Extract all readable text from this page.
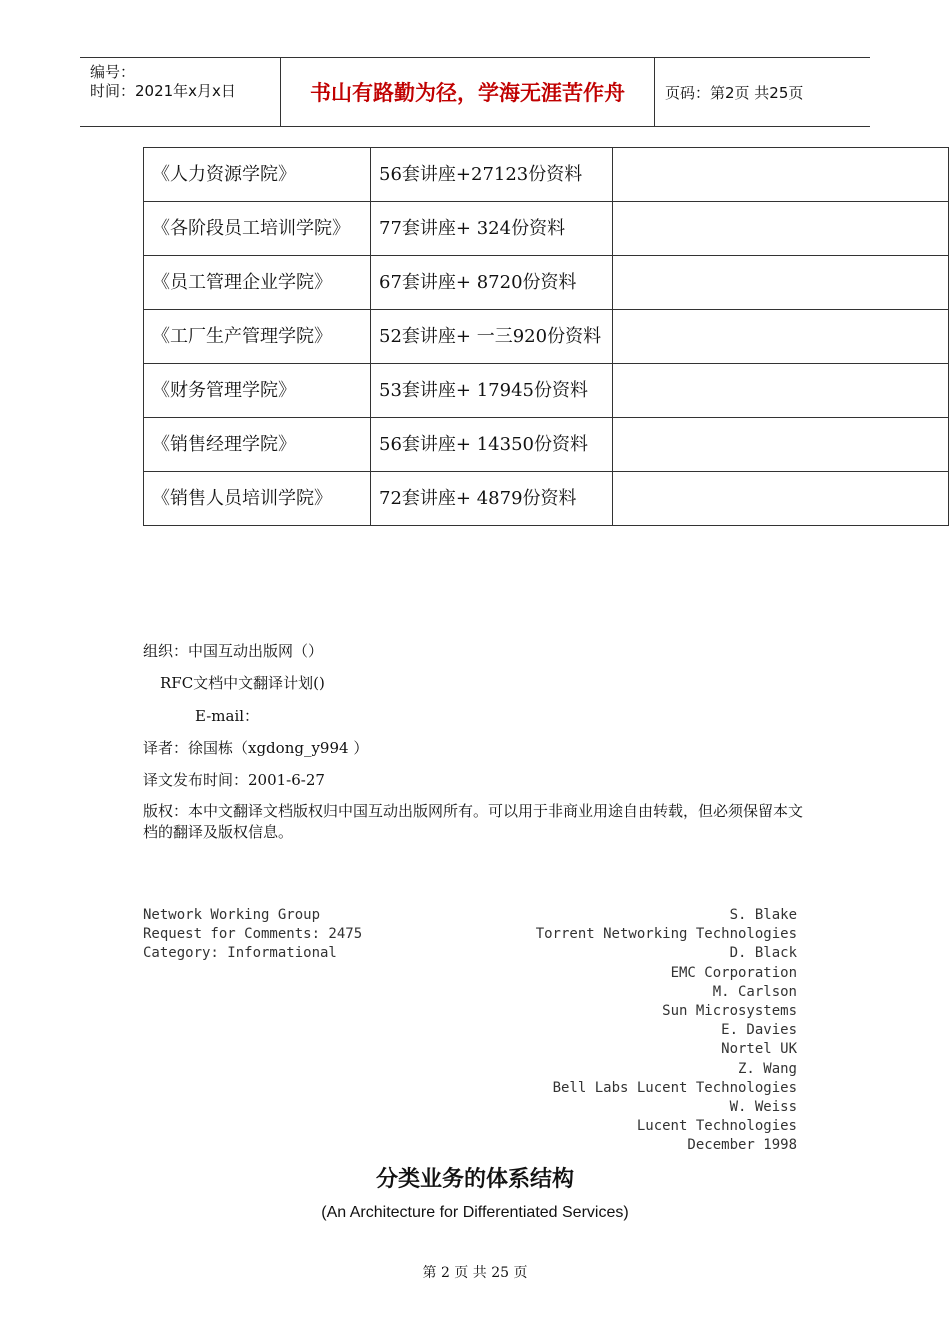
编号：
时间：2021年x月x日	书山有路勤为径，学海无涯苦作舟	页码：第2页 共25页
《人力资源学院》	56套讲座+27123份资料	
《各阶段员工培训学院》	77套讲座+ 324份资料	
《员工管理企业学院》	67套讲座+ 8720份资料	
《工厂生产管理学院》	52套讲座+ 一三920份资料	
《财务管理学院》	53套讲座+ 17945份资料	
《销售经理学院》	56套讲座+ 14350份资料	
《销售人员培训学院》	72套讲座+ 4879份资料	
组织：中国互动出版网（）
RFC文档中文翻译计划()
E-mail：
译者：徐国栋（xgdong_y994 ）
译文发布时间：2001-6-27
版权：本中文翻译文档版权归中国互动出版网所有。可以用于非商业用途自由转载，但必须保留本文档的翻译及版权信息。
Network Working Group
Request for Comments: 2475
Category: Informational
S. Blake
Torrent Networking Technologies
D. Black
EMC Corporation
M. Carlson
Sun Microsystems
E. Davies
Nortel UK
Z. Wang
Bell Labs Lucent Technologies
W. Weiss
Lucent Technologies
December 1998
分类业务的体系结构
(An Architecture for Differentiated Services)
第 2 页 共 25 页
